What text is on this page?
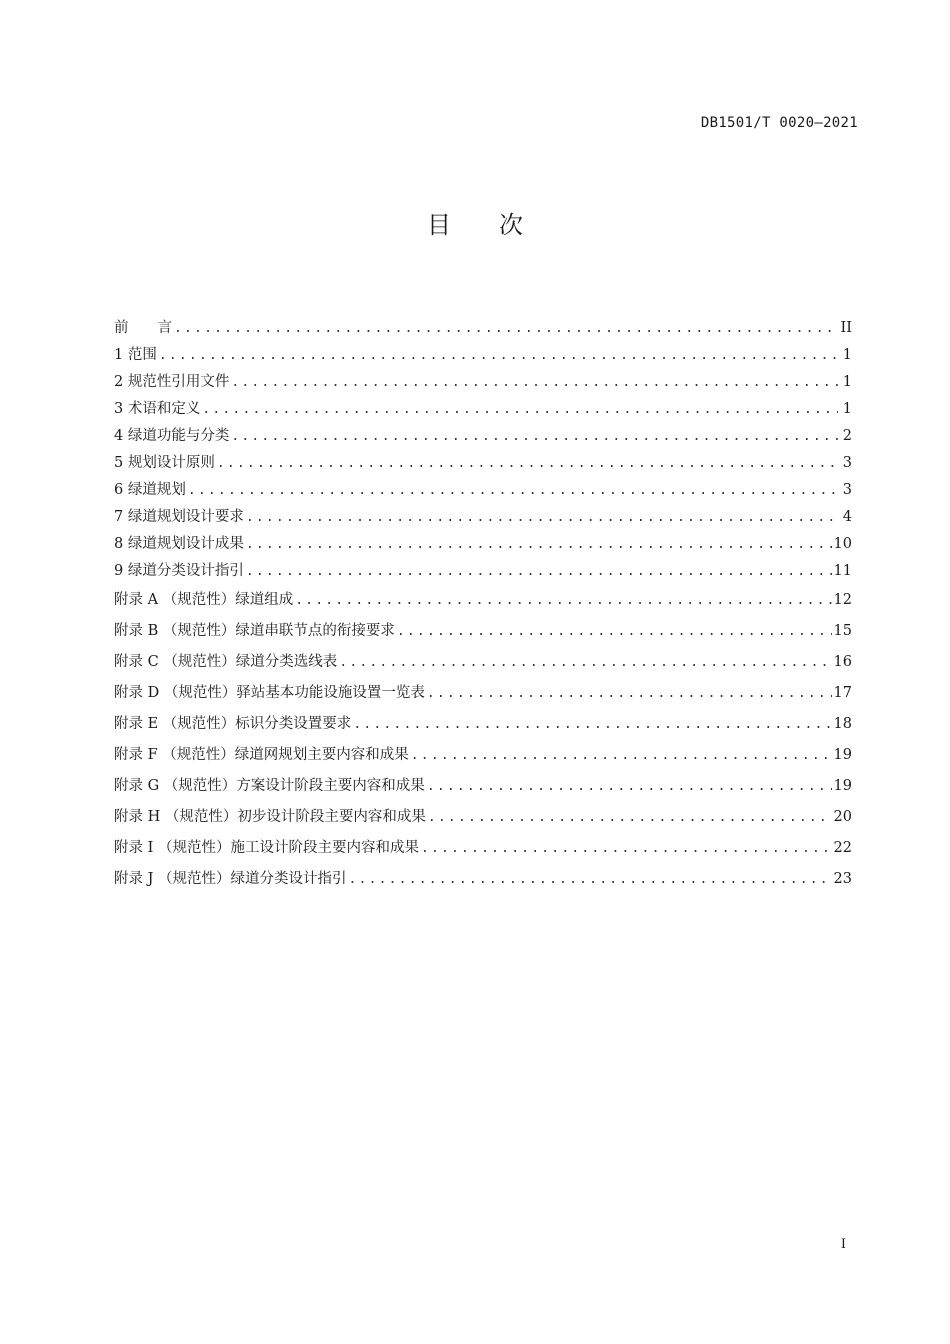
DB1501/T 0020—2021
目次
前　　言 .....	II
1 范围 .....	1
2 规范性引用文件 .....	1
3 术语和定义 .....	1
4 绿道功能与分类 .....	2
5 规划设计原则 .....	3
6 绿道规划 .....	3
7 绿道规划设计要求 .....	4
8 绿道规划设计成果 .....	10
9 绿道分类设计指引 .....	11
附录 A （规范性）绿道组成 .....	12
附录 B （规范性）绿道串联节点的衔接要求 .....	15
附录 C （规范性）绿道分类选线表 .....	16
附录 D （规范性）驿站基本功能设施设置一览表 .....	17
附录 E （规范性）标识分类设置要求 .....	18
附录 F （规范性）绿道网规划主要内容和成果 .....	19
附录 G （规范性）方案设计阶段主要内容和成果 .....	19
附录 H （规范性）初步设计阶段主要内容和成果 .....	20
附录 I （规范性）施工设计阶段主要内容和成果 .....	22
附录 J （规范性）绿道分类设计指引 .....	23
I
